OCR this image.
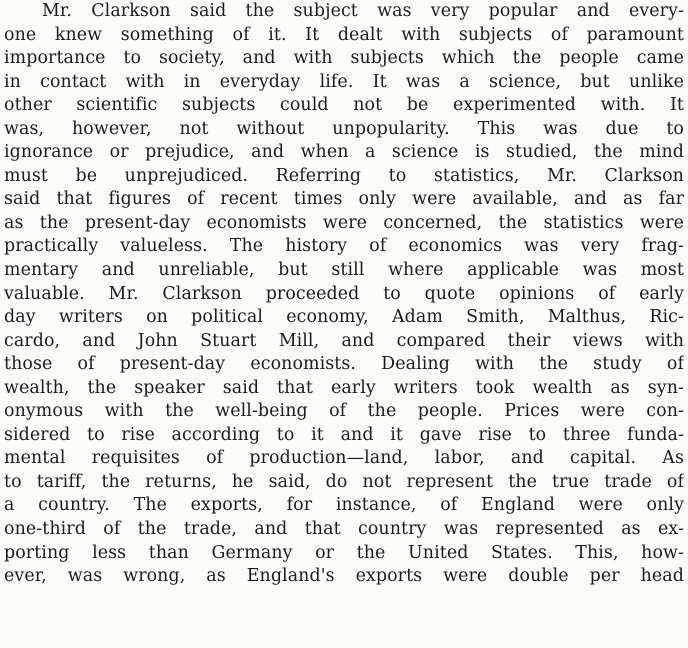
Mr. Clarkson said the subject was very popular and every-
one knew something of it. It dealt with subjects of paramount
importance to society, and with subjects which the people came
in contact with in everyday life. It was a science, but unlike
other scientific subjects could not be experimented with. It
was, however, not without unpopularity. This was due to
ignorance or prejudice, and when a science is studied, the mind
must be unprejudiced. Referring to statistics, Mr. Clarkson
said that figures of recent times only were available, and as far
as the present-day economists were concerned, the statistics were
practically valueless. The history of economics was very frag-
mentary and unreliable, but still where applicable was most
valuable. Mr. Clarkson proceeded to quote opinions of early
day writers on political economy, Adam Smith, Malthus, Ric-
cardo, and John Stuart Mill, and compared their views with
those of present-day economists. Dealing with the study of
wealth, the speaker said that early writers took wealth as syn-
onymous with the well-being of the people. Prices were con-
sidered to rise according to it and it gave rise to three funda-
mental requisites of production—land, labor, and capital. As
to tariff, the returns, he said, do not represent the true trade of
a country. The exports, for instance, of England were only
one-third of the trade, and that country was represented as ex-
porting less than Germany or the United States. This, how-
ever, was wrong, as England's exports were double per head
